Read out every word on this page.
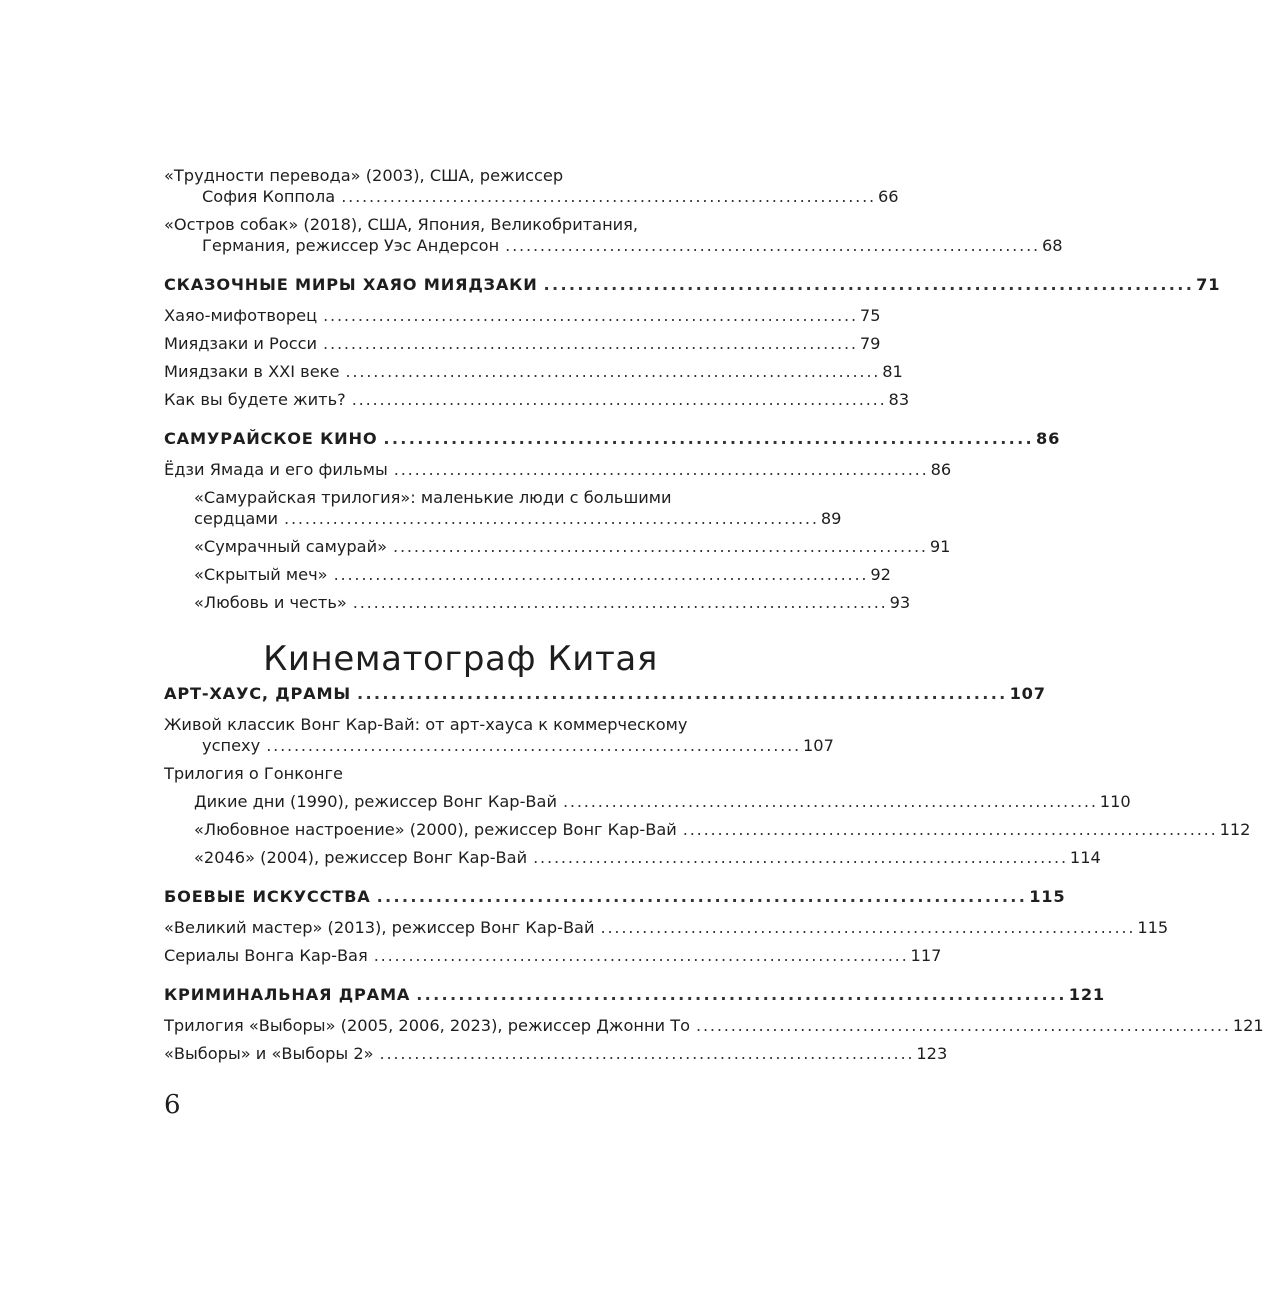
«Трудности перевода» (2003), США, режиссер
София Коппола ............................................................................. 66
«Остров собак» (2018), США, Япония, Великобритания,
Германия, режиссер Уэс Андерсон ............................................................................. 68
СКАЗОЧНЫЕ МИРЫ ХАЯО МИЯДЗАКИ ............................................................................. 71
Хаяо-мифотворец ............................................................................. 75
Миядзаки и Росси ............................................................................. 79
Миядзаки в XXI веке ............................................................................. 81
Как вы будете жить? ............................................................................. 83
САМУРАЙСКОЕ КИНО ............................................................................. 86
Ёдзи Ямада и его фильмы ............................................................................. 86
«Самурайская трилогия»: маленькие люди с большими
сердцами ............................................................................. 89
«Сумрачный самурай» ............................................................................. 91
«Скрытый меч» ............................................................................. 92
«Любовь и честь» ............................................................................. 93
Кинематограф Китая
АРТ-ХАУС, ДРАМЫ ............................................................................. 107
Живой классик Вонг Кар-Вай: от арт-хауса к коммерческому
успеху ............................................................................. 107
Трилогия о Гонконге
Дикие дни (1990), режиссер Вонг Кар-Вай ............................................................................. 110
«Любовное настроение» (2000), режиссер Вонг Кар-Вай ............................................................................. 112
«2046» (2004), режиссер Вонг Кар-Вай ............................................................................. 114
БОЕВЫЕ ИСКУССТВА ............................................................................. 115
«Великий мастер» (2013), режиссер Вонг Кар-Вай ............................................................................. 115
Сериалы Вонга Кар-Вая ............................................................................. 117
КРИМИНАЛЬНАЯ ДРАМА ............................................................................. 121
Трилогия «Выборы» (2005, 2006, 2023), режиссер Джонни То ............................................................................. 121
«Выборы» и «Выборы 2» ............................................................................. 123
6
